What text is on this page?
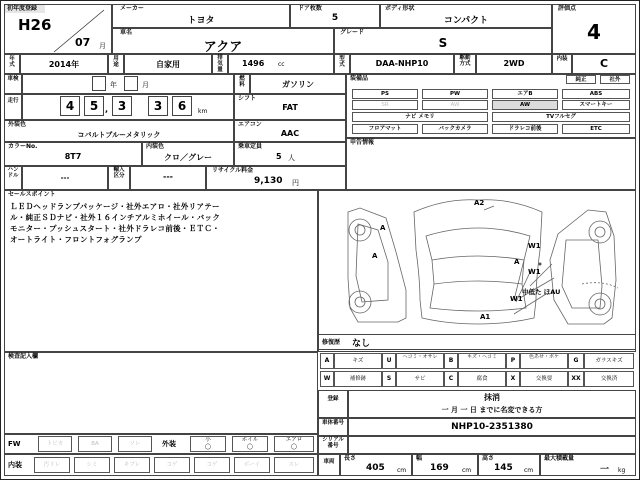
初年度登録
H26
07 月
メーカー
トヨタ
ドア枚数
5
ボディ形状
コンパクト
評価点
4
車名
アクア
グレード
S
年式	2014年
用途	自家用
排気量
1496 cc
型式	DAA-NHP10
駆動方式	2WD	内装	C
車検
年	月
燃料	ガソリン
走行	4	5 , 3	3	6	km
シフト
FAT
外装色
コバルトブルーメタリック
エアコン
AAC
カラーNo.
8T7
内装色
クロ／グレー
乗車定員
5 人
ハンドル	---
輸入区分	---
リサイクル料金
9,130 円
装備品	純正	社外
PS	PW	エアB	ABS
SR	AW	AW	スマートキー
ナビ メモリ	TVフルセグ
フロアマット	バックカメラ	ドラレコ前後	ETC
申告情報
セールスポイント
ＬＥＤヘッドランプパッケージ・社外エアロ・社外リアテー
ル・純正ＳＤナビ・社外１６インチアルミホイール・バック
モニター・プッシュスタート・社外ドラレコ前後・ＥＴＣ・
オートライト・フロントフォグランプ
検査記入欄
A2
A
A
W1
A
W1
W1
中低た ほAU
A1
修復歴 なし
A	キズ	U	ヘコミ・オサレ	B	キズ・ヘコミ	P	色あせ・ボケ	G	ガラスキズ
W	補修跡	S	サビ	C	腐食	X	交換要	XX	交換済
登録	抹消
一 月 一 日 までに名変できる方
車体番号	NHP10-2351380
シリアル番号
FW	トビカ	BA	ソレ	外装	小
◯
ホイル
◯
エアロ
◯
内装	汚リレ	シミ	キブレ	コゲ	コゲ	ボーイ	スレ	車両	長さ
405 cm
幅
169 cm
高さ
145 cm
最大積載量
一 kg
